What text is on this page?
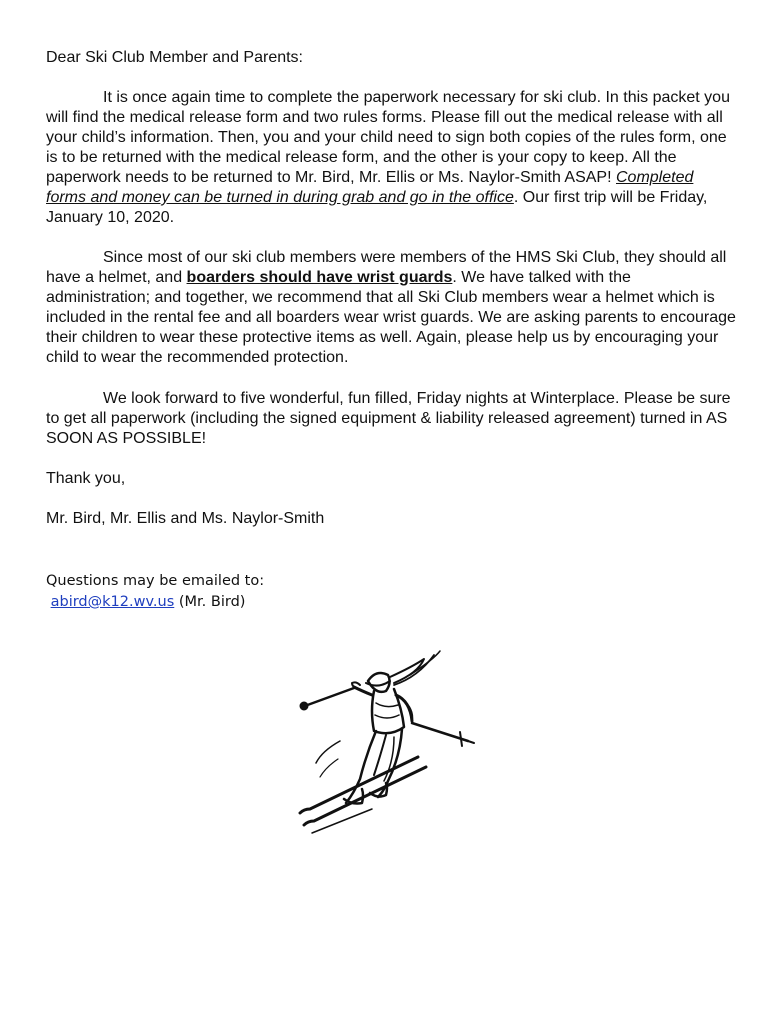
Dear Ski Club Member and Parents:

It is once again time to complete the paperwork necessary for ski club. In this packet you will find the medical release form and two rules forms. Please fill out the medical release with all your child’s information. Then, you and your child need to sign both copies of the rules form, one is to be returned with the medical release form, and the other is your copy to keep. All the paperwork needs to be returned to Mr. Bird, Mr. Ellis or Ms. Naylor-Smith ASAP! Completed forms and money can be turned in during grab and go in the office. Our first trip will be Friday, January 10, 2020.

Since most of our ski club members were members of the HMS Ski Club, they should all have a helmet, and boarders should have wrist guards. We have talked with the administration; and together, we recommend that all Ski Club members wear a helmet which is included in the rental fee and all boarders wear wrist guards. We are asking parents to encourage their children to wear these protective items as well. Again, please help us by encouraging your child to wear the recommended protection.

We look forward to five wonderful, fun filled, Friday nights at Winterplace. Please be sure to get all paperwork (including the signed equipment & liability released agreement) turned in AS SOON AS POSSIBLE!

Thank you,

Mr. Bird, Mr. Ellis and Ms. Naylor-Smith

Questions may be emailed to:
abird@k12.wv.us (Mr. Bird)
